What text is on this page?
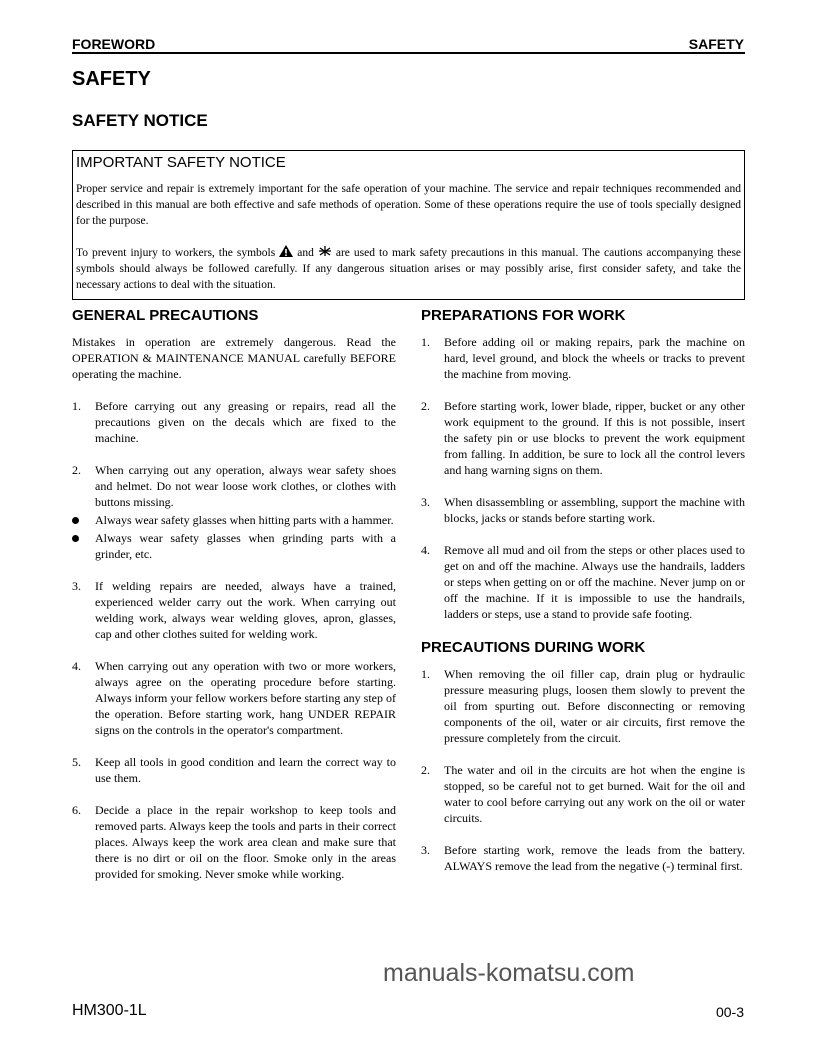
FOREWORD	SAFETY
SAFETY
SAFETY NOTICE
IMPORTANT SAFETY NOTICE

Proper service and repair is extremely important for the safe operation of your machine. The service and repair techniques recommended and described in this manual are both effective and safe methods of operation. Some of these operations require the use of tools specially designed for the purpose.

To prevent injury to workers, the symbols and are used to mark safety precautions in this manual. The cautions accompanying these symbols should always be followed carefully. If any dangerous situation arises or may possibly arise, first consider safety, and take the necessary actions to deal with the situation.

GENERAL PRECAUTIONS
Mistakes in operation are extremely dangerous. Read the OPERATION & MAINTENANCE MANUAL carefully BEFORE operating the machine.
1. Before carrying out any greasing or repairs, read all the precautions given on the decals which are fixed to the machine.
2. When carrying out any operation, always wear safety shoes and helmet. Do not wear loose work clothes, or clothes with buttons missing.
Always wear safety glasses when hitting parts with a hammer.
Always wear safety glasses when grinding parts with a grinder, etc.
3. If welding repairs are needed, always have a trained, experienced welder carry out the work. When carrying out welding work, always wear welding gloves, apron, glasses, cap and other clothes suited for welding work.
4. When carrying out any operation with two or more workers, always agree on the operating procedure before starting. Always inform your fellow workers before starting any step of the operation. Before starting work, hang UNDER REPAIR signs on the controls in the operator's compartment.
5. Keep all tools in good condition and learn the correct way to use them.
6. Decide a place in the repair workshop to keep tools and removed parts. Always keep the tools and parts in their correct places. Always keep the work area clean and make sure that there is no dirt or oil on the floor. Smoke only in the areas provided for smoking. Never smoke while working.
PREPARATIONS FOR WORK
1. Before adding oil or making repairs, park the machine on hard, level ground, and block the wheels or tracks to prevent the machine from moving.
2. Before starting work, lower blade, ripper, bucket or any other work equipment to the ground. If this is not possible, insert the safety pin or use blocks to prevent the work equipment from falling. In addition, be sure to lock all the control levers and hang warning signs on them.
3. When disassembling or assembling, support the machine with blocks, jacks or stands before starting work.
4. Remove all mud and oil from the steps or other places used to get on and off the machine. Always use the handrails, ladders or steps when getting on or off the machine. Never jump on or off the machine. If it is impossible to use the handrails, ladders or steps, use a stand to provide safe footing.
PRECAUTIONS DURING WORK
1. When removing the oil filler cap, drain plug or hydraulic pressure measuring plugs, loosen them slowly to prevent the oil from spurting out. Before disconnecting or removing components of the oil, water or air circuits, first remove the pressure completely from the circuit.
2. The water and oil in the circuits are hot when the engine is stopped, so be careful not to get burned. Wait for the oil and water to cool before carrying out any work on the oil or water circuits.
3. Before starting work, remove the leads from the battery. ALWAYS remove the lead from the negative (-) terminal first.
manuals-komatsu.com
HM300-1L	00-3
